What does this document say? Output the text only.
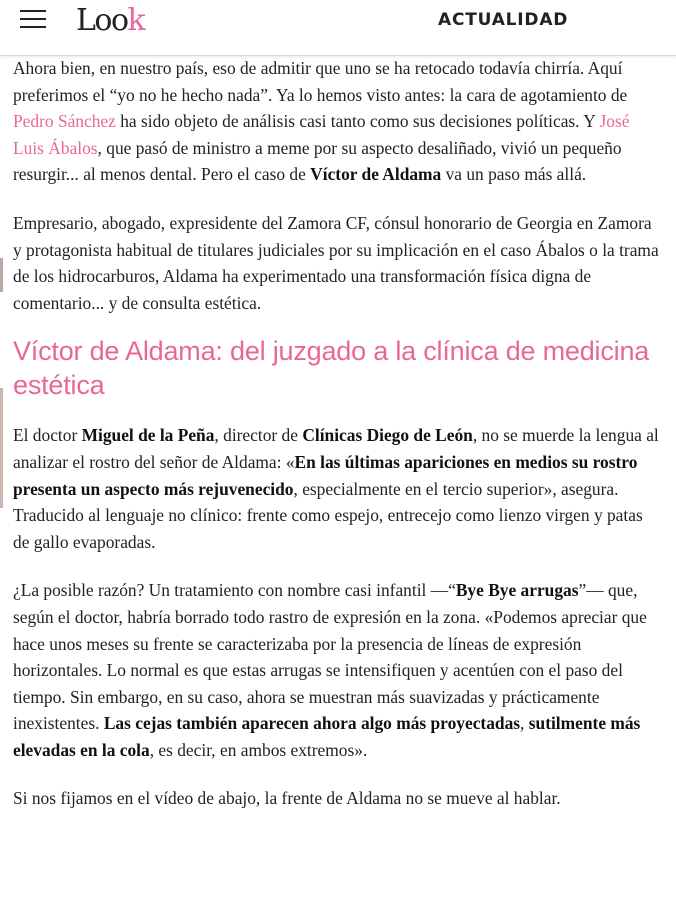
Look	ACTUALIDAD

Ahora bien, en nuestro país, eso de admitir que uno se ha retocado todavía chirría. Aquí preferimos el “yo no he hecho nada”. Ya lo hemos visto antes: la cara de agotamiento de Pedro Sánchez ha sido objeto de análisis casi tanto como sus decisiones políticas. Y José Luis Ábalos, que pasó de ministro a meme por su aspecto desaliñado, vivió un pequeño resurgir... al menos dental. Pero el caso de Víctor de Aldama va un paso más allá.

Empresario, abogado, expresidente del Zamora CF, cónsul honorario de Georgia en Zamora y protagonista habitual de titulares judiciales por su implicación en el caso Ábalos o la trama de los hidrocarburos, Aldama ha experimentado una transformación física digna de comentario... y de consulta estética.

Víctor de Aldama: del juzgado a la clínica de medicina estética

El doctor Miguel de la Peña, director de Clínicas Diego de León, no se muerde la lengua al analizar el rostro del señor de Aldama: «En las últimas apariciones en medios su rostro presenta un aspecto más rejuvenecido, especialmente en el tercio superior», asegura. Traducido al lenguaje no clínico: frente como espejo, entrecejo como lienzo virgen y patas de gallo evaporadas.

¿La posible razón? Un tratamiento con nombre casi infantil —“Bye Bye arrugas”— que, según el doctor, habría borrado todo rastro de expresión en la zona. «Podemos apreciar que hace unos meses su frente se caracterizaba por la presencia de líneas de expresión horizontales. Lo normal es que estas arrugas se intensifiquen y acentúen con el paso del tiempo. Sin embargo, en su caso, ahora se muestran más suavizadas y prácticamente inexistentes. Las cejas también aparecen ahora algo más proyectadas, sutilmente más elevadas en la cola, es decir, en ambos extremos».

Si nos fijamos en el vídeo de abajo, la frente de Aldama no se mueve al hablar.
